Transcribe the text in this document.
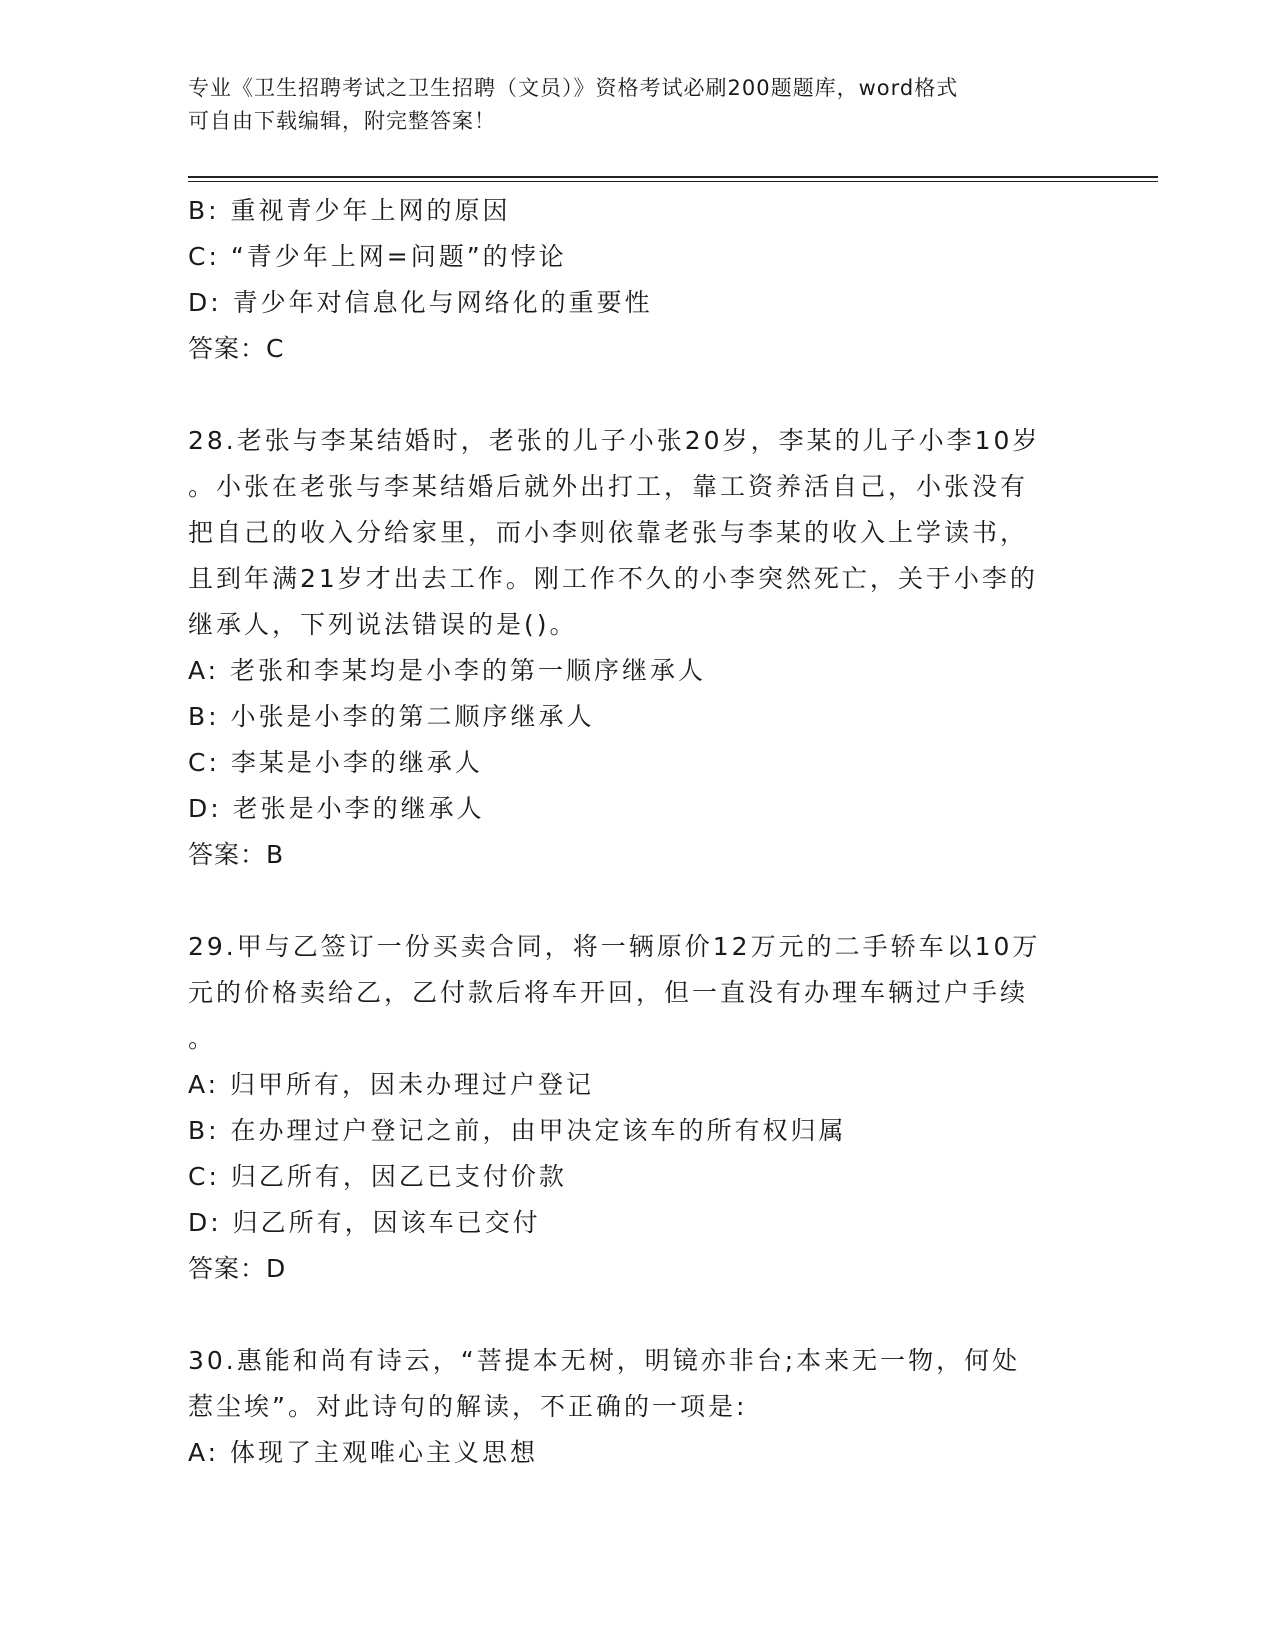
专业《卫生招聘考试之卫生招聘（文员）》资格考试必刷200题题库，word格式
可自由下载编辑，附完整答案！
B: 重视青少年上网的原因
C: “青少年上网=问题”的悖论
D: 青少年对信息化与网络化的重要性
答案：C
28.老张与李某结婚时，老张的儿子小张20岁，李某的儿子小李10岁
。小张在老张与李某结婚后就外出打工，靠工资养活自己，小张没有
把自己的收入分给家里，而小李则依靠老张与李某的收入上学读书，
且到年满21岁才出去工作。刚工作不久的小李突然死亡，关于小李的
继承人，下列说法错误的是()。
A: 老张和李某均是小李的第一顺序继承人
B: 小张是小李的第二顺序继承人
C: 李某是小李的继承人
D: 老张是小李的继承人
答案：B
29.甲与乙签订一份买卖合同，将一辆原价12万元的二手轿车以10万
元的价格卖给乙，乙付款后将车开回，但一直没有办理车辆过户手续
。
A: 归甲所有，因未办理过户登记
B: 在办理过户登记之前，由甲决定该车的所有权归属
C: 归乙所有，因乙已支付价款
D: 归乙所有，因该车已交付
答案：D
30.惠能和尚有诗云，“菩提本无树，明镜亦非台;本来无一物，何处
惹尘埃”。对此诗句的解读，不正确的一项是:
A: 体现了主观唯心主义思想
